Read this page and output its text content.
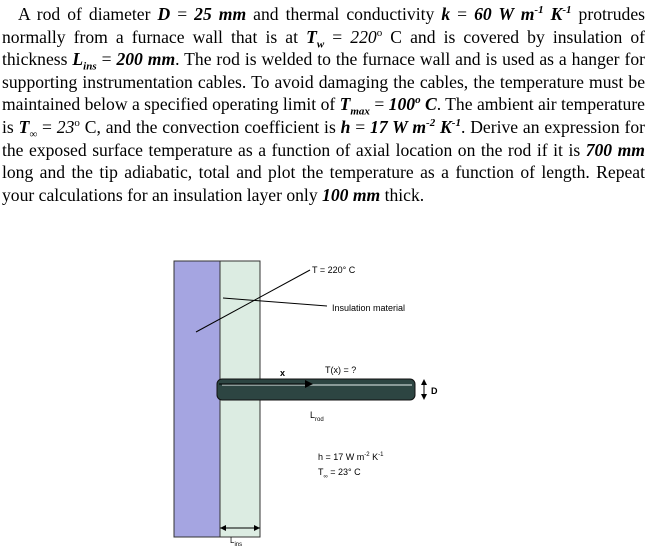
A rod of diameter D = 25 mm and thermal conductivity k = 60 W $m^{-1}$ $K^{-1}$ protrudes normally from a furnace wall that is at $T_w = 220^o$ C and is covered by insulation of thickness $L_{ins} = 200$ mm. The rod is welded to the furnace wall and is used as a hanger for supporting instrumentation cables. To avoid damaging the cables, the temperature must be maintained below a specified operating limit of $T_{max} = 100^o$ C. The ambient air temperature is $T_\infty = 23^o$ C, and the convection coefficient is h = 17 W $m^{-2}$ $K^{-1}$. Derive an expression for the exposed surface temperature as a function of axial location on the rod if it is 700 mm long and the tip adiabatic, total and plot the temperature as a function of length. Repeat your calculations for an insulation layer only 100 mm thick.

T = 220° C
Insulation material
x	T(x) = ?
D
$L_{rod}$
h = 17 W $m^{-2}$ $K^{-1}$
$T_\infty = 23^\circ$ C
$L_{ins}$
